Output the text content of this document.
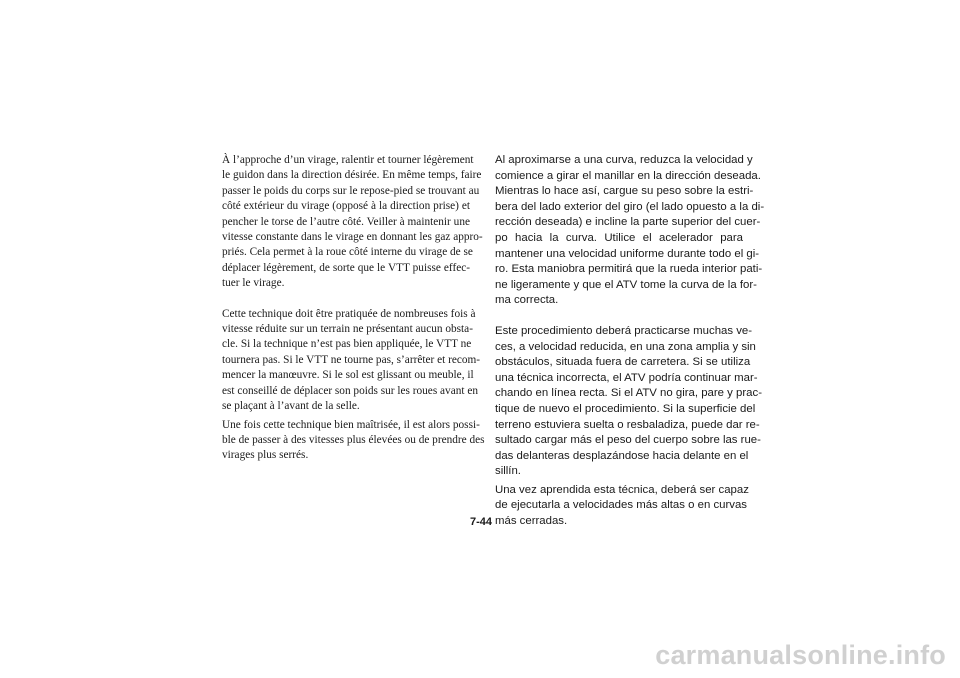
À l’approche d’un virage, ralentir et tourner légèrement
le guidon dans la direction désirée. En même temps, faire
passer le poids du corps sur le repose-pied se trouvant au
côté extérieur du virage (opposé à la direction prise) et
pencher le torse de l’autre côté. Veiller à maintenir une
vitesse constante dans le virage en donnant les gaz appro-
priés. Cela permet à la roue côté interne du virage de se
déplacer légèrement, de sorte que le VTT puisse effec-
tuer le virage.

Cette technique doit être pratiquée de nombreuses fois à
vitesse réduite sur un terrain ne présentant aucun obsta-
cle. Si la technique n’est pas bien appliquée, le VTT ne
tournera pas. Si le VTT ne tourne pas, s’arrêter et recom-
mencer la manœuvre. Si le sol est glissant ou meuble, il
est conseillé de déplacer son poids sur les roues avant en
se plaçant à l’avant de la selle.

Une fois cette technique bien maîtrisée, il est alors possi-
ble de passer à des vitesses plus élevées ou de prendre des
virages plus serrés.

Al aproximarse a una curva, reduzca la velocidad y
comience a girar el manillar en la dirección deseada.
Mientras lo hace así, cargue su peso sobre la estri-
bera del lado exterior del giro (el lado opuesto a la di-
rección deseada) e incline la parte superior del cuer-
po hacia la curva. Utilice el acelerador para
mantener una velocidad uniforme durante todo el gi-
ro. Esta maniobra permitirá que la rueda interior pati-
ne ligeramente y que el ATV tome la curva de la for-
ma correcta.

Este procedimiento deberá practicarse muchas ve-
ces, a velocidad reducida, en una zona amplia y sin
obstáculos, situada fuera de carretera. Si se utiliza
una técnica incorrecta, el ATV podría continuar mar-
chando en línea recta. Si el ATV no gira, pare y prac-
tique de nuevo el procedimiento. Si la superficie del
terreno estuviera suelta o resbaladiza, puede dar re-
sultado cargar más el peso del cuerpo sobre las rue-
das delanteras desplazándose hacia delante en el
sillín.

Una vez aprendida esta técnica, deberá ser capaz
de ejecutarla a velocidades más altas o en curvas
más cerradas.

7-44
carmanualsonline.info
